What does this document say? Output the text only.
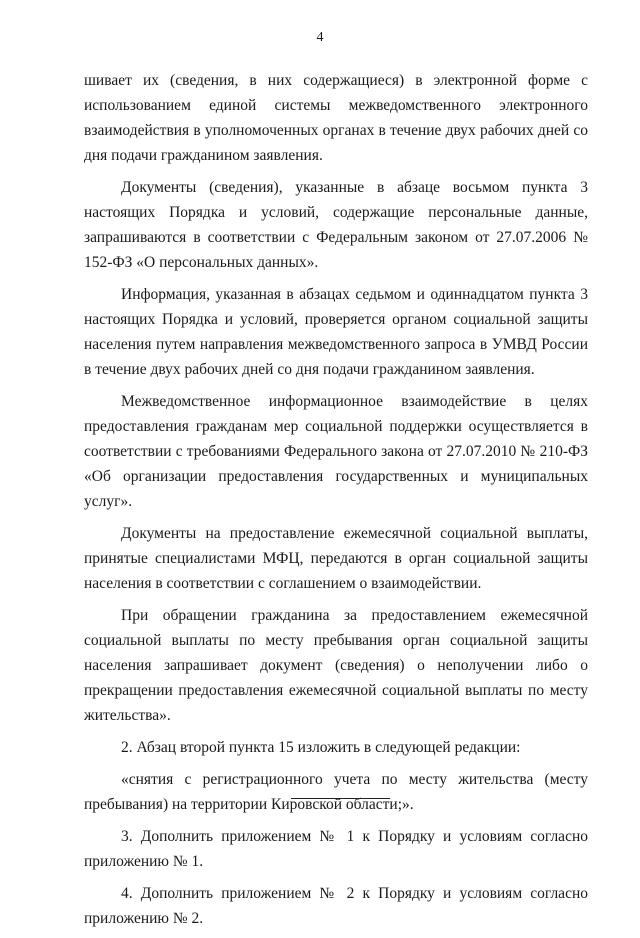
4

шивает их (сведения, в них содержащиеся) в электронной форме с использованием единой системы межведомственного электронного взаимодействия в уполномоченных органах в течение двух рабочих дней со дня подачи гражданином заявления.

Документы (сведения), указанные в абзаце восьмом пункта 3 настоящих Порядка и условий, содержащие персональные данные, запрашиваются в соответствии с Федеральным законом от 27.07.2006 № 152-ФЗ «О персональных данных».

Информация, указанная в абзацах седьмом и одиннадцатом пункта 3 настоящих Порядка и условий, проверяется органом социальной защиты населения путем направления межведомственного запроса в УМВД России в течение двух рабочих дней со дня подачи гражданином заявления.

Межведомственное информационное взаимодействие в целях предоставления гражданам мер социальной поддержки осуществляется в соответствии с требованиями Федерального закона от 27.07.2010 № 210-ФЗ «Об организации предоставления государственных и муниципальных услуг».

Документы на предоставление ежемесячной социальной выплаты, принятые специалистами МФЦ, передаются в орган социальной защиты населения в соответствии с соглашением о взаимодействии.

При обращении гражданина за предоставлением ежемесячной социальной выплаты по месту пребывания орган социальной защиты населения запрашивает документ (сведения) о неполучении либо о прекращении предоставления ежемесячной социальной выплаты по месту жительства».

2. Абзац второй пункта 15 изложить в следующей редакции:

«снятия с регистрационного учета по месту жительства (месту пребывания) на территории Кировской области;».

3. Дополнить приложением № 1 к Порядку и условиям согласно приложению № 1.

4. Дополнить приложением № 2 к Порядку и условиям согласно приложению № 2.
